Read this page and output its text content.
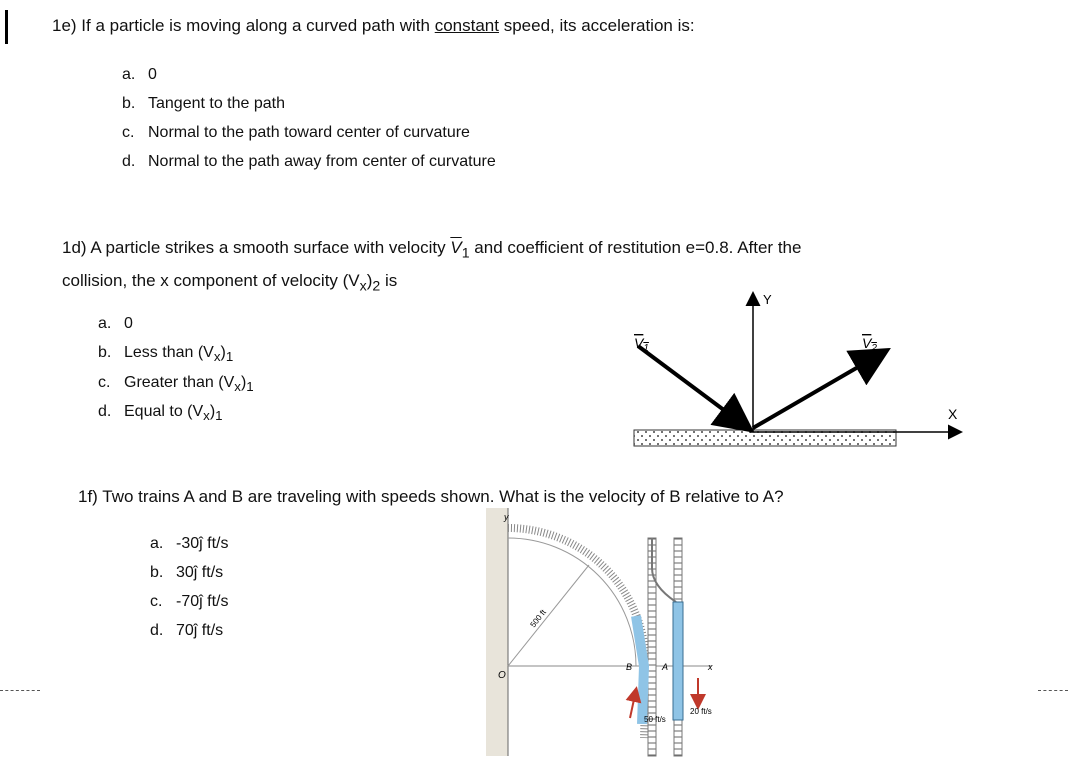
1e) If a particle is moving along a curved path with constant speed, its acceleration is:
a. 0
b. Tangent to the path
c. Normal to the path toward center of curvature
d. Normal to the path away from center of curvature
1d) A particle strikes a smooth surface with velocity $\overline{V}_1$ and coefficient of restitution e=0.8. After the
collision, the x component of velocity $(V_x)_2$ is
a. 0
b. Less than $(V_x)_1$
c. Greater than $(V_x)_1$
d. Equal to $(V_x)_1$
Y
X
$V_1$	$V_2$
1f) Two trains A and B are traveling with speeds shown. What is the velocity of B relative to A?
a. -30ĵ ft/s
b. 30ĵ ft/s
c. -70ĵ ft/s
d. 70ĵ ft/s
500 ft
y
x
O
B	A
50 ft/s
20 ft/s
